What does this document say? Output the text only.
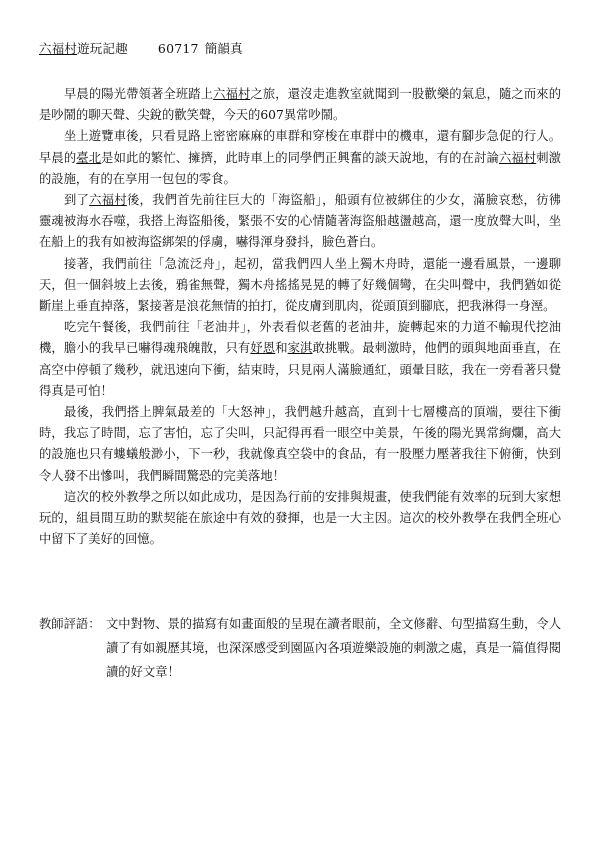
六福村遊玩記趣 60717 簡韻真

早晨的陽光帶領著全班踏上六福村之旅，還沒走進教室就聞到一股歡樂的氣息，隨之而來的是吵鬧的聊天聲、尖銳的歡笑聲，今天的607異常吵鬧。

坐上遊覽車後，只看見路上密密麻麻的車群和穿梭在車群中的機車，還有腳步急促的行人。早晨的臺北是如此的繁忙、擁擠，此時車上的同學們正興奮的談天說地，有的在討論六福村刺激的設施，有的在享用一包包的零食。

到了六福村後，我們首先前往巨大的「海盜船」，船頭有位被綁住的少女，滿臉哀愁，彷彿靈魂被海水吞噬，我搭上海盜船後，緊張不安的心情隨著海盜船越盪越高，還一度放聲大叫，坐在船上的我有如被海盜綁架的俘虜，嚇得渾身發抖，臉色蒼白。

接著，我們前往「急流泛舟」，起初，當我們四人坐上獨木舟時，還能一邊看風景，一邊聊天，但一個斜坡上去後，鴉雀無聲，獨木舟搖搖晃晃的轉了好幾個彎，在尖叫聲中，我們猶如從斷崖上垂直掉落，緊接著是浪花無情的拍打，從皮膚到肌肉，從頭頂到腳底，把我淋得一身溼。

吃完午餐後，我們前往「老油井」，外表看似老舊的老油井，旋轉起來的力道不輸現代挖油機，膽小的我早已嚇得魂飛魄散，只有妤恩和家淇敢挑戰。最刺激時，他們的頭與地面垂直，在高空中停頓了幾秒，就迅速向下衝，結束時，只見兩人滿臉通紅，頭暈目眩，我在一旁看著只覺得真是可怕！

最後，我們搭上脾氣最差的「大怒神」，我們越升越高，直到十七層樓高的頂端，要往下衝時，我忘了時間，忘了害怕，忘了尖叫，只記得再看一眼空中美景，午後的陽光異常絢爛，高大的設施也只有螻蟻般渺小，下一秒，我就像真空袋中的食品，有一股壓力壓著我往下俯衝，快到令人發不出慘叫，我們瞬間驚恐的完美落地！

這次的校外教學之所以如此成功，是因為行前的安排與規畫，使我們能有效率的玩到大家想玩的，組員間互助的默契能在旅途中有效的發揮，也是一大主因。這次的校外教學在我們全班心中留下了美好的回憶。

教師評語： 文中對物、景的描寫有如畫面般的呈現在讀者眼前，全文修辭、句型描寫生動，令人讀了有如親歷其境，也深深感受到園區內各項遊樂設施的刺激之處，真是一篇值得閱讀的好文章！
